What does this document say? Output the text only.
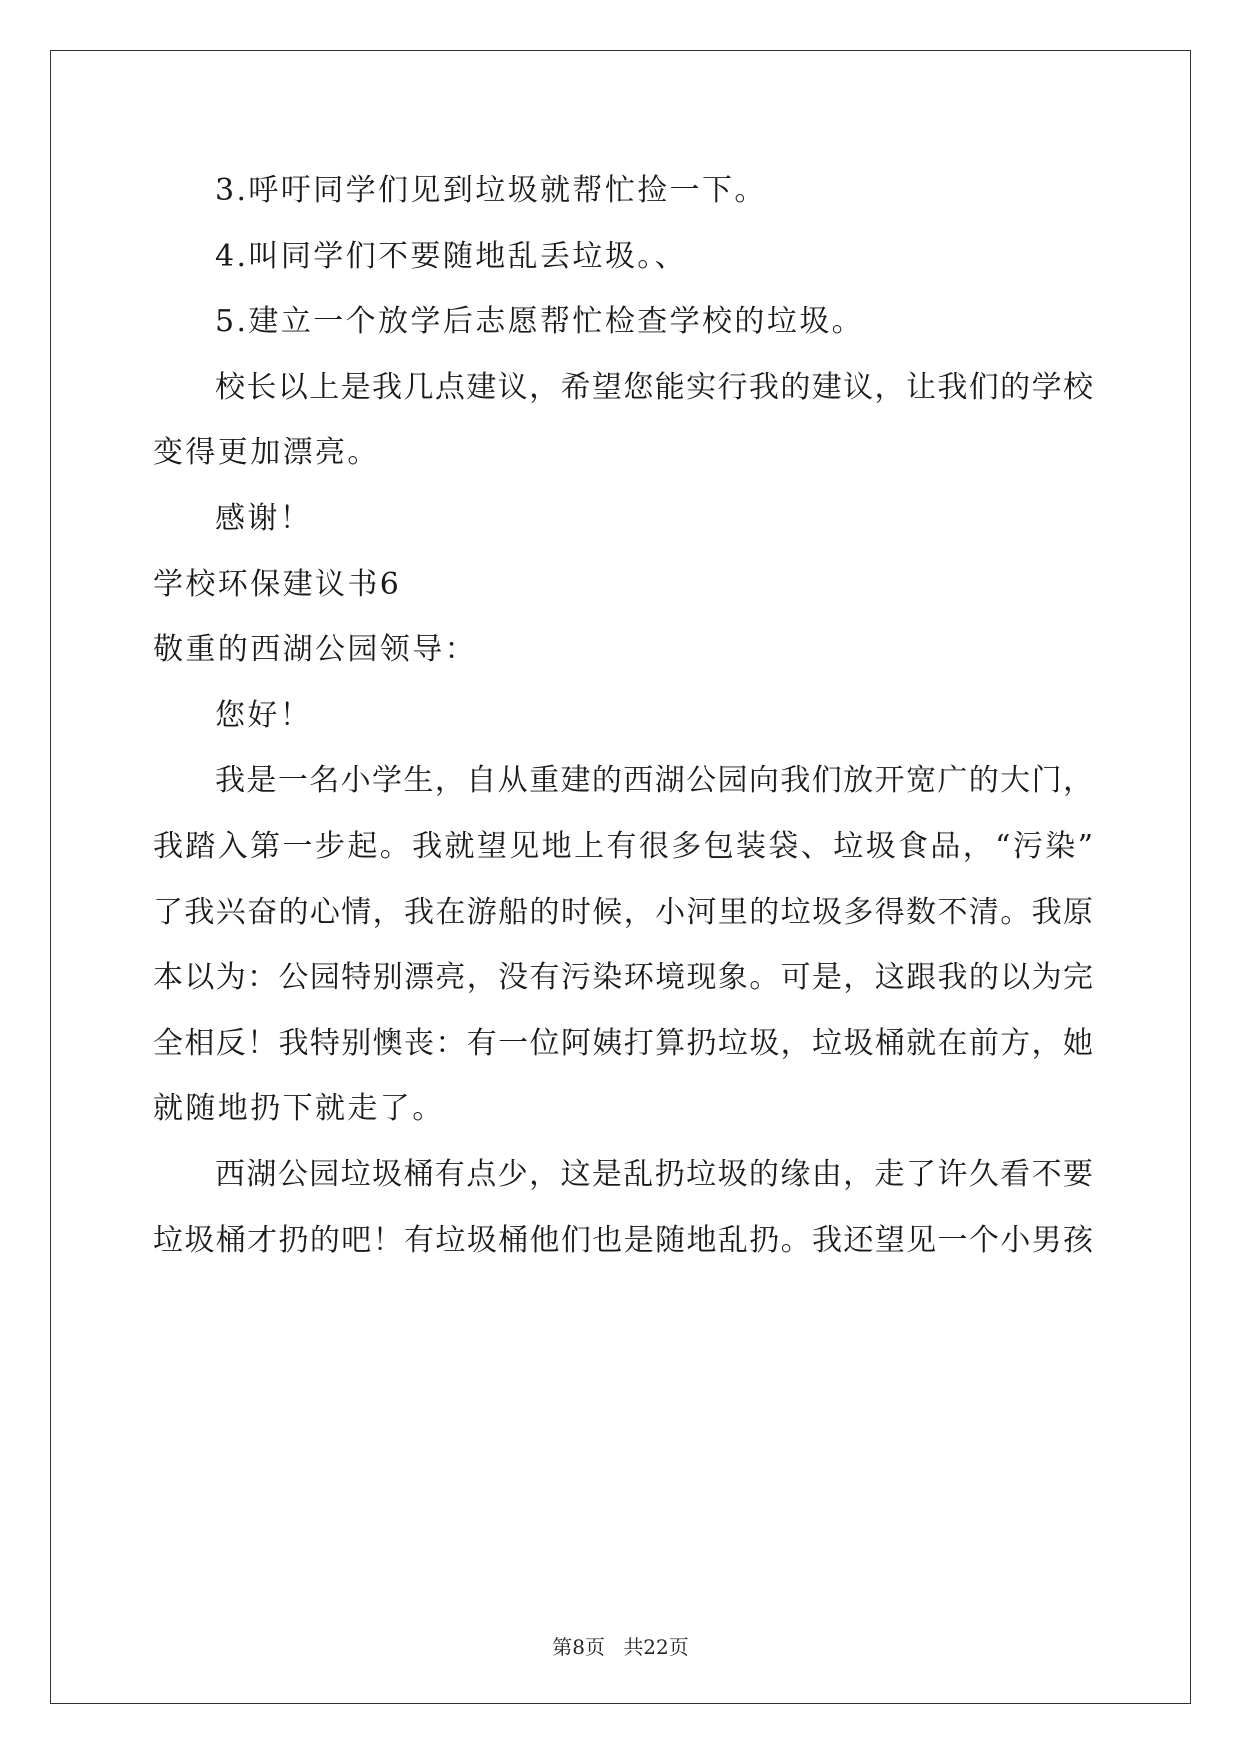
3.呼吁同学们见到垃圾就帮忙捡一下。

4.叫同学们不要随地乱丢垃圾。、

5.建立一个放学后志愿帮忙检查学校的垃圾。

校长以上是我几点建议，希望您能实行我的建议，让我们的学校

变得更加漂亮。

感谢！

学校环保建议书6

敬重的西湖公园领导：

您好！

我是一名小学生，自从重建的西湖公园向我们放开宽广的大门，

我踏入第一步起。我就望见地上有很多包装袋、垃圾食品，“污染”

了我兴奋的心情，我在游船的时候，小河里的垃圾多得数不清。我原

本以为：公园特别漂亮，没有污染环境现象。可是，这跟我的以为完

全相反！我特别懊丧：有一位阿姨打算扔垃圾，垃圾桶就在前方，她

就随地扔下就走了。

西湖公园垃圾桶有点少，这是乱扔垃圾的缘由，走了许久看不要

垃圾桶才扔的吧！有垃圾桶他们也是随地乱扔。我还望见一个小男孩

第8页 共22页
